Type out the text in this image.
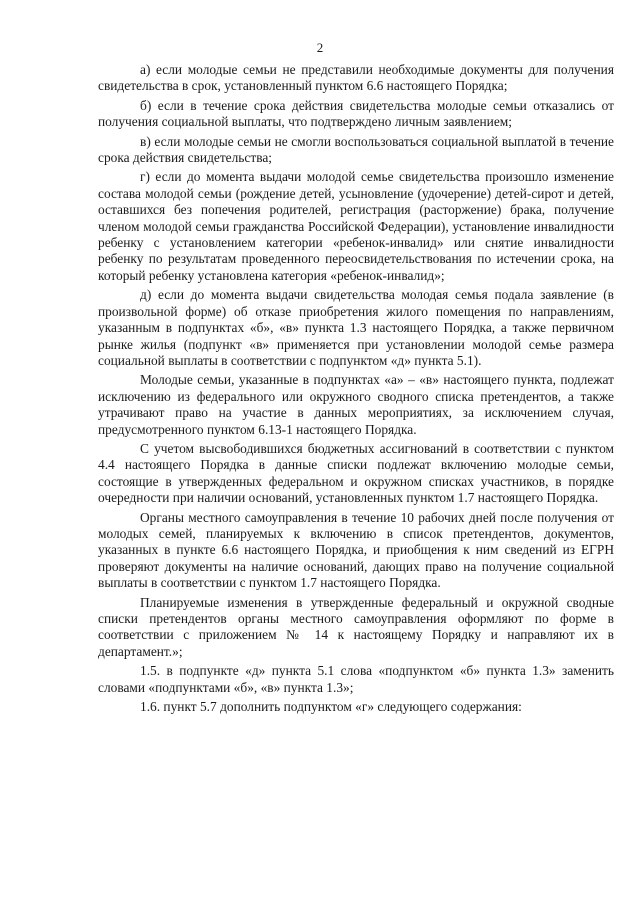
2

а) если молодые семьи не представили необходимые документы для получения свидетельства в срок, установленный пунктом 6.6 настоящего Порядка;

б) если в течение срока действия свидетельства молодые семьи отказались от получения социальной выплаты, что подтверждено личным заявлением;

в) если молодые семьи не смогли воспользоваться социальной выплатой в течение срока действия свидетельства;

г) если до момента выдачи молодой семье свидетельства произошло изменение состава молодой семьи (рождение детей, усыновление (удочерение) детей-сирот и детей, оставшихся без попечения родителей, регистрация (расторжение) брака, получение членом молодой семьи гражданства Российской Федерации), установление инвалидности ребенку с установлением категории «ребенок-инвалид» или снятие инвалидности ребенку по результатам проведенного переосвидетельствования по истечении срока, на который ребенку установлена категория «ребенок-инвалид»;

д) если до момента выдачи свидетельства молодая семья подала заявление (в произвольной форме) об отказе приобретения жилого помещения по направлениям, указанным в подпунктах «б», «в» пункта 1.3 настоящего Порядка, а также первичном рынке жилья (подпункт «в» применяется при установлении молодой семье размера социальной выплаты в соответствии с подпунктом «д» пункта 5.1).

Молодые семьи, указанные в подпунктах «а» – «в» настоящего пункта, подлежат исключению из федерального или окружного сводного списка претендентов, а также утрачивают право на участие в данных мероприятиях, за исключением случая, предусмотренного пунктом 6.13-1 настоящего Порядка.

С учетом высвободившихся бюджетных ассигнований в соответствии с пунктом 4.4 настоящего Порядка в данные списки подлежат включению молодые семьи, состоящие в утвержденных федеральном и окружном списках участников, в порядке очередности при наличии оснований, установленных пунктом 1.7 настоящего Порядка.

Органы местного самоуправления в течение 10 рабочих дней после получения от молодых семей, планируемых к включению в список претендентов, документов, указанных в пункте 6.6 настоящего Порядка, и приобщения к ним сведений из ЕГРН проверяют документы на наличие оснований, дающих право на получение социальной выплаты в соответствии с пунктом 1.7 настоящего Порядка.

Планируемые изменения в утвержденные федеральный и окружной сводные списки претендентов органы местного самоуправления оформляют по форме в соответствии с приложением № 14 к настоящему Порядку и направляют их в департамент.»;

1.5. в подпункте «д» пункта 5.1 слова «подпунктом «б» пункта 1.3» заменить словами «подпунктами «б», «в» пункта 1.3»;

1.6. пункт 5.7 дополнить подпунктом «г» следующего содержания:
